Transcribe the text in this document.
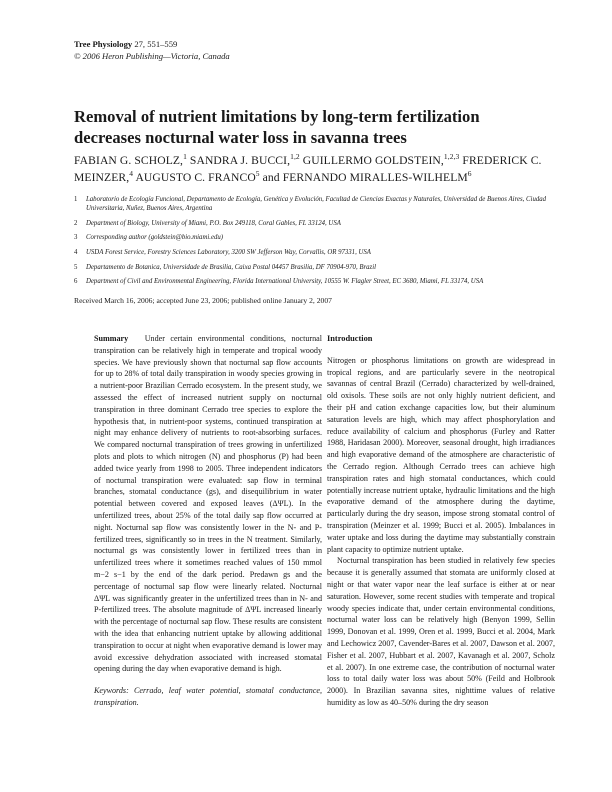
Tree Physiology 27, 551–559
© 2006 Heron Publishing—Victoria, Canada
Removal of nutrient limitations by long-term fertilization decreases nocturnal water loss in savanna trees
FABIAN G. SCHOLZ,$^1$ SANDRA J. BUCCI,$^{1,2}$ GUILLERMO GOLDSTEIN,$^{1,2,3}$ FREDERICK C. MEINZER,$^4$ AUGUSTO C. FRANCO$^5$ and FERNANDO MIRALLES-WILHELM$^6$
1	Laboratorio de Ecología Funcional, Departamento de Ecología, Genética y Evolución, Facultad de Ciencias Exactas y Naturales, Universidad de Buenos Aires, Ciudad Universitaria, Nuñez, Buenos Aires, Argentina
2	Department of Biology, University of Miami, P.O. Box 249118, Coral Gables, FL 33124, USA
3	Corresponding author (goldstein@bio.miami.edu)
4	USDA Forest Service, Forestry Sciences Laboratory, 3200 SW Jefferson Way, Corvallis, OR 97331, USA
5	Departamento de Botanica, Universidade de Brasilia, Caixa Postal 04457 Brasilia, DF 70904-970, Brazil
6	Department of Civil and Environmental Engineering, Florida International University, 10555 W. Flagler Street, EC 3680, Miami, FL 33174, USA
Received March 16, 2006; accepted June 23, 2006; published online January 2, 2007

Summary Under certain environmental conditions, nocturnal transpiration can be relatively high in temperate and tropical woody species. We have previously shown that nocturnal sap flow accounts for up to 28% of total daily transpiration in woody species growing in a nutrient-poor Brazilian Cerrado ecosystem. In the present study, we assessed the effect of increased nutrient supply on nocturnal transpiration in three dominant Cerrado tree species to explore the hypothesis that, in nutrient-poor systems, continued transpiration at night may enhance delivery of nutrients to root-absorbing surfaces. We compared nocturnal transpiration of trees growing in unfertilized plots and plots to which nitrogen (N) and phosphorus (P) had been added twice yearly from 1998 to 2005. Three independent indicators of nocturnal transpiration were evaluated: sap flow in terminal branches, stomatal conductance (gs), and disequilibrium in water potential between covered and exposed leaves (ΔΨL). In the unfertilized trees, about 25% of the total daily sap flow occurred at night. Nocturnal sap flow was consistently lower in the N- and P-fertilized trees, significantly so in trees in the N treatment. Similarly, nocturnal gs was consistently lower in fertilized trees than in unfertilized trees where it sometimes reached values of 150 mmol m−2 s−1 by the end of the dark period. Predawn gs and the percentage of nocturnal sap flow were linearly related. Nocturnal ΔΨL was significantly greater in the unfertilized trees than in N- and P-fertilized trees. The absolute magnitude of ΔΨL increased linearly with the percentage of nocturnal sap flow. These results are consistent with the idea that enhancing nutrient uptake by allowing additional transpiration to occur at night when evaporative demand is lower may avoid excessive dehydration associated with increased stomatal opening during the day when evaporative demand is high.

Keywords: Cerrado, leaf water potential, stomatal conductance, transpiration.

Introduction

Nitrogen or phosphorus limitations on growth are widespread in tropical regions, and are particularly severe in the neotropical savannas of central Brazil (Cerrado) characterized by well-drained, old oxisols. These soils are not only highly nutrient deficient, and their pH and cation exchange capacities low, but their aluminum saturation levels are high, which may affect phosphorylation and reduce availability of calcium and phosphorus (Furley and Ratter 1988, Haridasan 2000). Moreover, seasonal drought, high irradiances and high evaporative demand of the atmosphere are characteristic of the Cerrado region. Although Cerrado trees can achieve high transpiration rates and high stomatal conductances, which could potentially increase nutrient uptake, hydraulic limitations and the high evaporative demand of the atmosphere during the daytime, particularly during the dry season, impose strong stomatal control of transpiration (Meinzer et al. 1999; Bucci et al. 2005). Imbalances in water uptake and loss during the daytime may substantially constrain plant capacity to optimize nutrient uptake.

Nocturnal transpiration has been studied in relatively few species because it is generally assumed that stomata are uniformly closed at night or that water vapor near the leaf surface is either at or near saturation. However, some recent studies with temperate and tropical woody species indicate that, under certain environmental conditions, nocturnal water loss can be relatively high (Benyon 1999, Sellin 1999, Donovan et al. 1999, Oren et al. 1999, Bucci et al. 2004, Mark and Lechowicz 2007, Cavender-Bares et al. 2007, Dawson et al. 2007, Fisher et al. 2007, Hubbart et al. 2007, Kavanagh et al. 2007, Scholz et al. 2007). In one extreme case, the contribution of nocturnal water loss to total daily water loss was about 50% (Feild and Holbrook 2000). In Brazilian savanna sites, nighttime values of relative humidity as low as 40–50% during the dry season
